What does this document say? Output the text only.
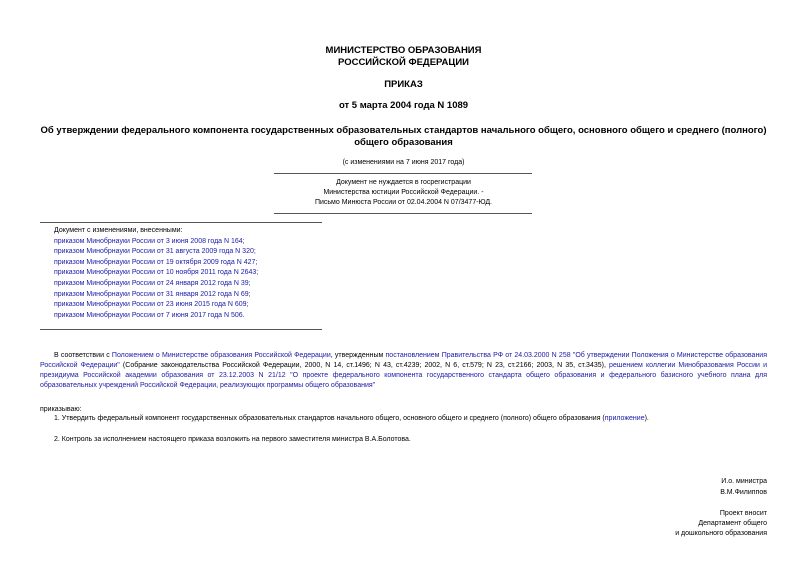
МИНИСТЕРСТВО ОБРАЗОВАНИЯ
РОССИЙСКОЙ ФЕДЕРАЦИИ
ПРИКАЗ
от 5 марта 2004 года N 1089
Об утверждении федерального компонента государственных образовательных стандартов начального общего, основного общего и среднего (полного) общего образования
(с изменениями на 7 июня 2017 года)
Документ не нуждается в госрегистрации
Министерства юстиции Российской Федерации. -
Письмо Минюста России от 02.04.2004 N 07/3477-ЮД.
Документ с изменениями, внесенными:
приказом Минобрнауки России от 3 июня 2008 года N 164;
приказом Минобрнауки России от 31 августа 2009 года N 320;
приказом Минобрнауки России от 19 октября 2009 года N 427;
приказом Минобрнауки России от 10 ноября 2011 года N 2643;
приказом Минобрнауки России от 24 января 2012 года N 39;
приказом Минобрнауки России от 31 января 2012 года N 69;
приказом Минобрнауки России от 23 июня 2015 года N 609;
приказом Минобрнауки России от 7 июня 2017 года N 506.
В соответствии с Положением о Министерстве образования Российской Федерации, утвержденным постановлением Правительства РФ от 24.03.2000 N 258 "Об утверждении Положения о Министерстве образования Российской Федерации" (Собрание законодательства Российской Федерации, 2000, N 14, ст.1496; N 43, ст.4239; 2002, N 6, ст.579; N 23, ст.2166; 2003, N 35, ст.3435), решением коллегии Минобразования России и президиума Российской академии образования от 23.12.2003 N 21/12 "О проекте федерального компонента государственного стандарта общего образования и федерального базисного учебного плана для образовательных учреждений Российской Федерации, реализующих программы общего образования"
приказываю:
1. Утвердить федеральный компонент государственных образовательных стандартов начального общего, основного общего и среднего (полного) общего образования (приложение).
2. Контроль за исполнением настоящего приказа возложить на первого заместителя министра В.А.Болотова.
И.о. министра
В.М.Филиппов
Проект вносит
Департамент общего
и дошкольного образования
